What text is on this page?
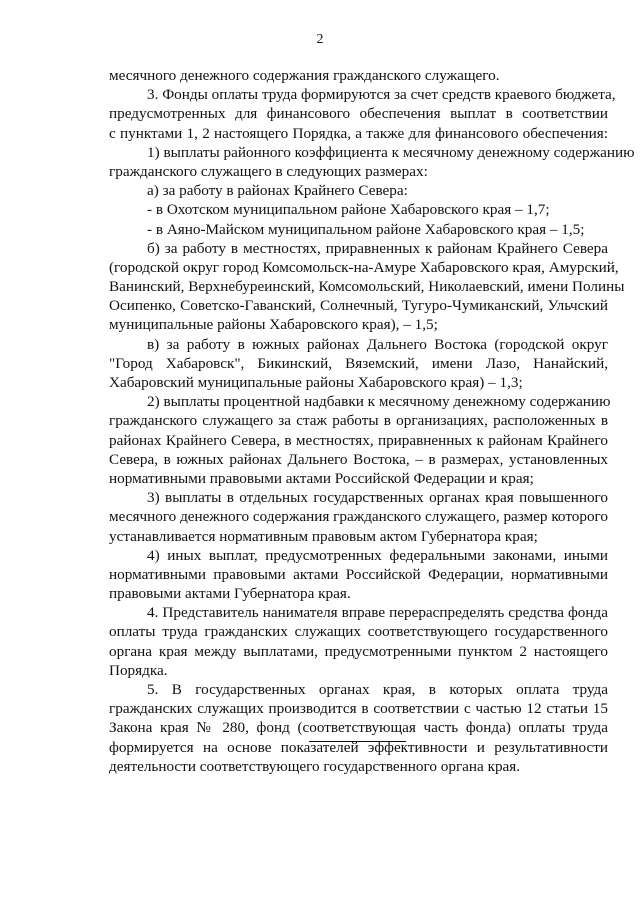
2
месячного денежного содержания гражданского служащего.
3. Фонды оплаты труда формируются за счет средств краевого бюджета,
предусмотренных для финансового обеспечения выплат в соответствии
с пунктами 1, 2 настоящего Порядка, а также для финансового обеспечения:
1) выплаты районного коэффициента к месячному денежному содержанию
гражданского служащего в следующих размерах:
а) за работу в районах Крайнего Севера:
- в Охотском муниципальном районе Хабаровского края – 1,7;
- в Аяно-Майском муниципальном районе Хабаровского края – 1,5;
б) за работу в местностях, приравненных к районам Крайнего Севера
(городской округ город Комсомольск-на-Амуре Хабаровского края, Амурский,
Ванинский, Верхнебуреинский, Комсомольский, Николаевский, имени Полины
Осипенко, Советско-Гаванский, Солнечный, Тугуро-Чумиканский, Ульчский
муниципальные районы Хабаровского края), – 1,5;
в) за работу в южных районах Дальнего Востока (городской округ
"Город Хабаровск", Бикинский, Вяземский, имени Лазо, Нанайский,
Хабаровский муниципальные районы Хабаровского края) – 1,3;
2) выплаты процентной надбавки к месячному денежному содержанию
гражданского служащего за стаж работы в организациях, расположенных в
районах Крайнего Севера, в местностях, приравненных к районам Крайнего
Севера, в южных районах Дальнего Востока, – в размерах, установленных
нормативными правовыми актами Российской Федерации и края;
3) выплаты в отдельных государственных органах края повышенного
месячного денежного содержания гражданского служащего, размер которого
устанавливается нормативным правовым актом Губернатора края;
4) иных выплат, предусмотренных федеральными законами, иными
нормативными правовыми актами Российской Федерации, нормативными
правовыми актами Губернатора края.
4. Представитель нанимателя вправе перераспределять средства фонда
оплаты труда гражданских служащих соответствующего государственного
органа края между выплатами, предусмотренными пунктом 2 настоящего
Порядка.
5. В государственных органах края, в которых оплата труда
гражданских служащих производится в соответствии с частью 12 статьи 15
Закона края № 280, фонд (соответствующая часть фонда) оплаты труда
формируется на основе показателей эффективности и результативности
деятельности соответствующего государственного органа края.
